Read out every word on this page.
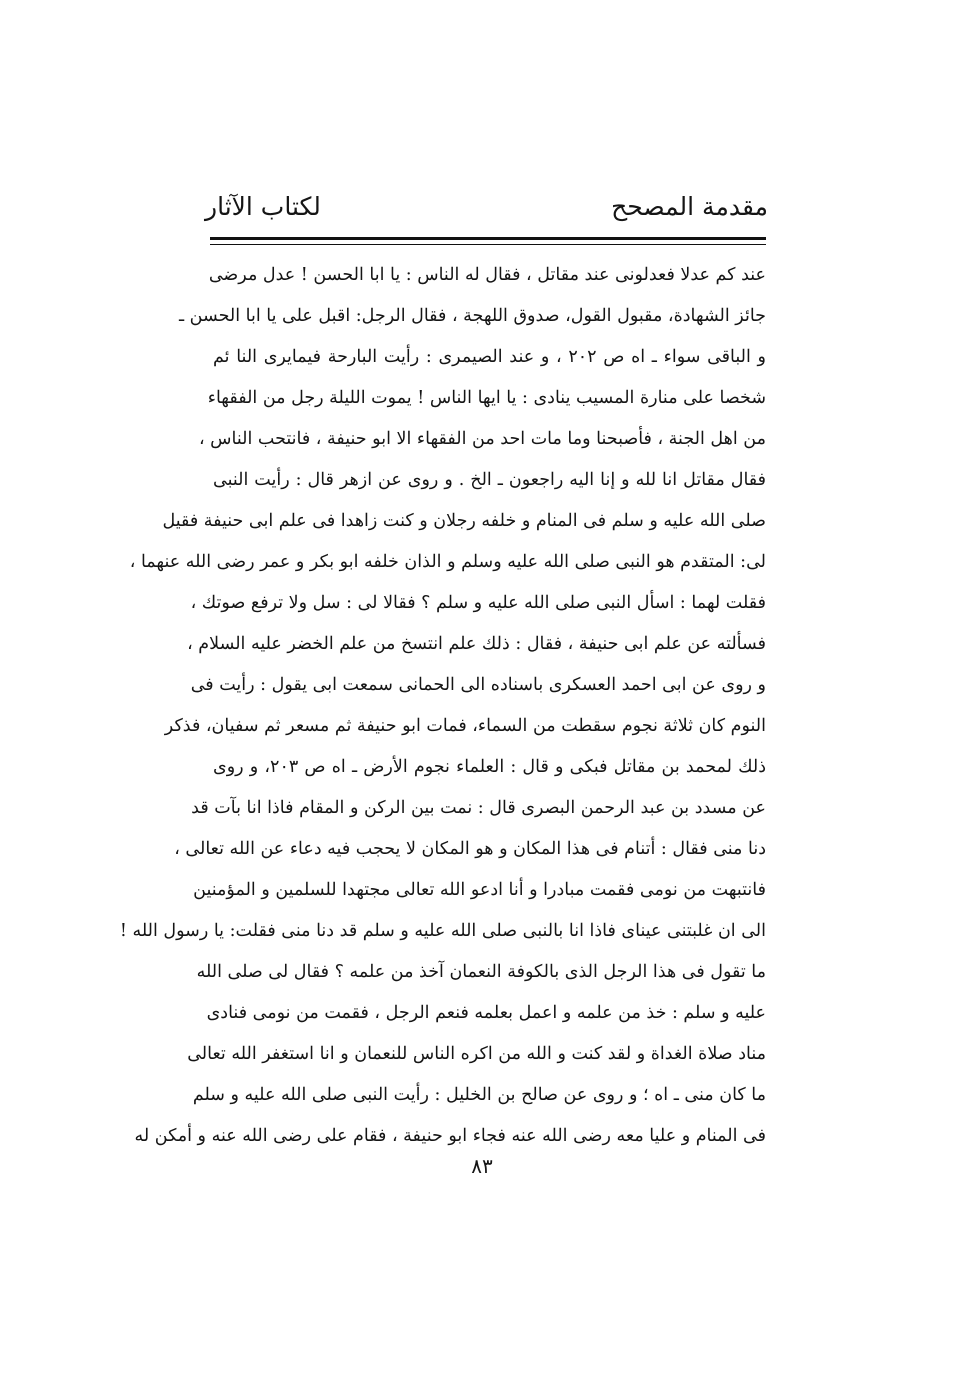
مقدمة المصحح
لكتاب الآثار
عند كم عدلا فعدلونى عند مقاتل ، فقال له الناس : يا ابا الحسن ! عدل مرضى
جائز الشهادة، مقبول القول، صدوق اللهجة ، فقال الرجل: اقبل على يا ابا الحسن ـ
و الباقى سواء ـ اه ص ٢٠٢ ، و عند الصيمرى : رأيت البارحة فيمايرى النا ئم
شخصا على منارة المسيب ينادى : يا ايها الناس ! يموت الليلة رجل من الفقهاء
من اهل الجنة ، فأصبحنا وما مات احد من الفقهاء الا ابو حنيفة ، فانتحب الناس ،
فقال مقاتل انا لله و إنا اليه راجعون ـ الخ . و روى عن ازهر قال : رأيت النبى
صلى الله عليه و سلم فى المنام و خلفه رجلان و كنت زاهدا فى علم ابى حنيفة فقيل
لى: المتقدم هو النبى صلى الله عليه وسلم و الذان خلفه ابو بكر و عمر رضى الله عنهما ،
فقلت لهما : اسأل النبى صلى الله عليه و سلم ؟ فقالا لى : سل ولا ترفع صوتك ،
فسألته عن علم ابى حنيفة ، فقال : ذلك علم انتسخ من علم الخضر عليه السلام ،
و روى عن ابى احمد العسكرى باسناده الى الحمانى سمعت ابى يقول : رأيت فى
النوم كان ثلاثة نجوم سقطت من السماء، فمات ابو حنيفة ثم مسعر ثم سفيان، فذكر
ذلك لمحمد بن مقاتل فبكى و قال : العلماء نجوم الأرض ـ اه ص ٢٠٣، و روى
عن مسدد بن عبد الرحمن البصرى قال : نمت بين الركن و المقام فاذا انا بآت قد
دنا منى فقال : أتنام فى هذا المكان و هو المكان لا يحجب فيه دعاء عن الله تعالى ،
فانتبهت من نومى فقمت مبادرا و أنا ادعو الله تعالى مجتهدا للسلمين و المؤمنين
الى ان غلبتنى عيناى فاذا انا بالنبى صلى الله عليه و سلم قد دنا منى فقلت: يا رسول الله !
ما تقول فى هذا الرجل الذى بالكوفة النعمان آخذ من علمه ؟ فقال لى صلى الله
عليه و سلم : خذ من علمه و اعمل بعلمه فنعم الرجل ، فقمت من نومى فنادى
مناد صلاة الغداة و لقد كنت و الله من اكره الناس للنعمان و انا استغفر الله تعالى
ما كان منى ـ اه ؛ و روى عن صالح بن الخليل : رأيت النبى صلى الله عليه و سلم
فى المنام و عليا معه رضى الله عنه فجاء ابو حنيفة ، فقام على رضى الله عنه و أمكن له
٨٣
